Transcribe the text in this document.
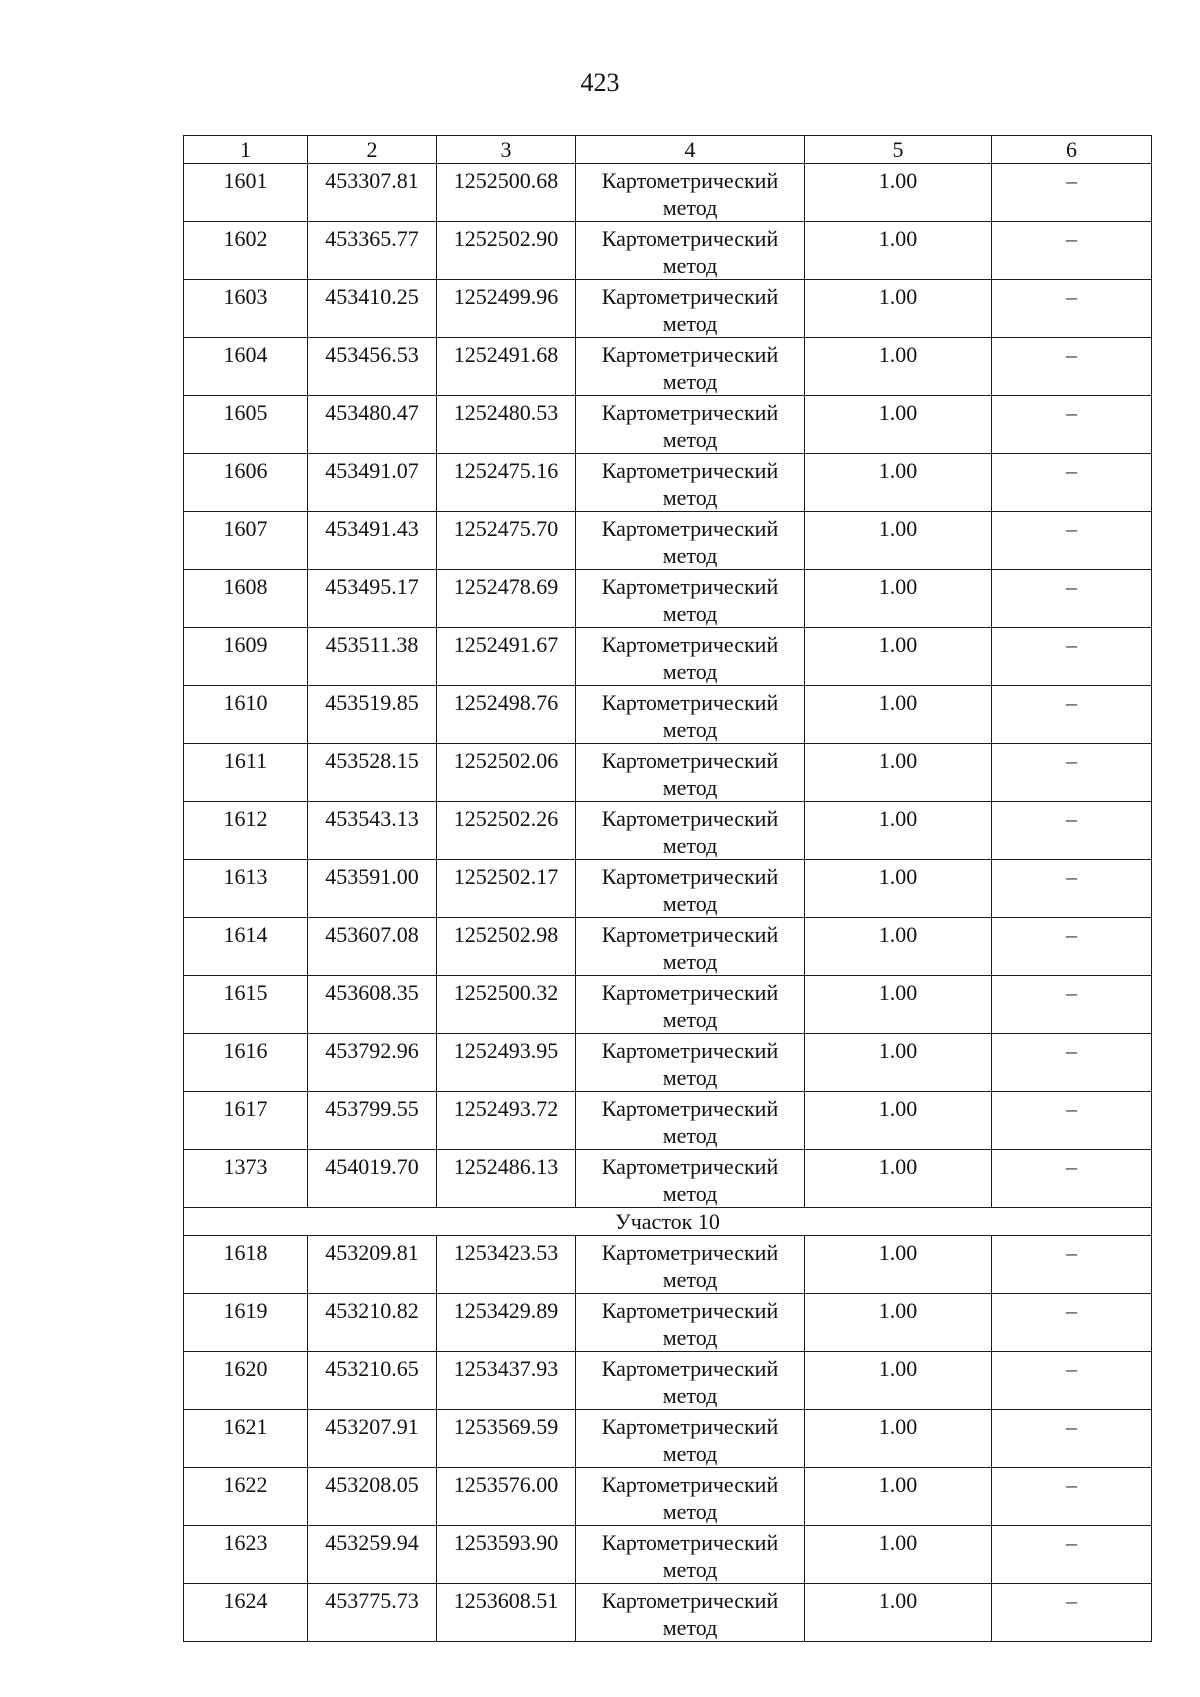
423
1	2	3	4	5	6
1601	453307.81	1252500.68	Картометрический метод	1.00	–
1602	453365.77	1252502.90	Картометрический метод	1.00	–
1603	453410.25	1252499.96	Картометрический метод	1.00	–
1604	453456.53	1252491.68	Картометрический метод	1.00	–
1605	453480.47	1252480.53	Картометрический метод	1.00	–
1606	453491.07	1252475.16	Картометрический метод	1.00	–
1607	453491.43	1252475.70	Картометрический метод	1.00	–
1608	453495.17	1252478.69	Картометрический метод	1.00	–
1609	453511.38	1252491.67	Картометрический метод	1.00	–
1610	453519.85	1252498.76	Картометрический метод	1.00	–
1611	453528.15	1252502.06	Картометрический метод	1.00	–
1612	453543.13	1252502.26	Картометрический метод	1.00	–
1613	453591.00	1252502.17	Картометрический метод	1.00	–
1614	453607.08	1252502.98	Картометрический метод	1.00	–
1615	453608.35	1252500.32	Картометрический метод	1.00	–
1616	453792.96	1252493.95	Картометрический метод	1.00	–
1617	453799.55	1252493.72	Картометрический метод	1.00	–
1373	454019.70	1252486.13	Картометрический метод	1.00	–
Участок 10					
1618	453209.81	1253423.53	Картометрический метод	1.00	–
1619	453210.82	1253429.89	Картометрический метод	1.00	–
1620	453210.65	1253437.93	Картометрический метод	1.00	–
1621	453207.91	1253569.59	Картометрический метод	1.00	–
1622	453208.05	1253576.00	Картометрический метод	1.00	–
1623	453259.94	1253593.90	Картометрический метод	1.00	–
1624	453775.73	1253608.51	Картометрический метод	1.00	–
